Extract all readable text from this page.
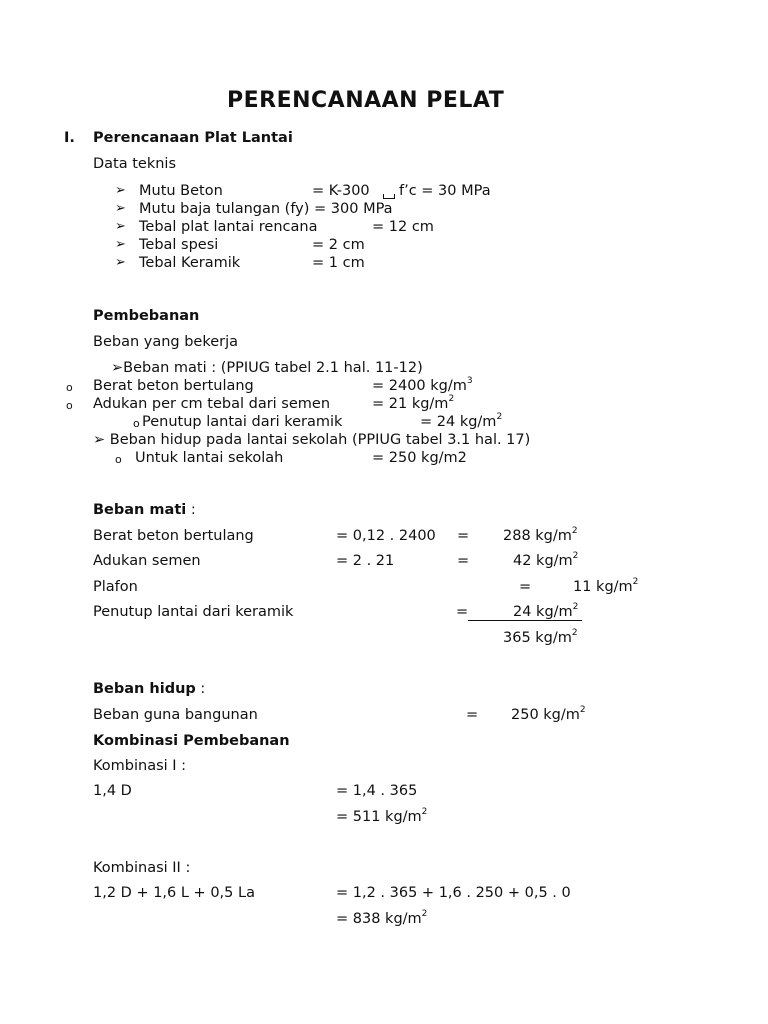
PERENCANAAN PELAT
I. Perencanaan Plat Lantai
Data teknis
➢ Mutu Beton	= K-300 f’c = 30 MPa
➢ Mutu baja tulangan (fy) = 300 MPa
➢ Tebal plat lantai rencana	= 12 cm
➢ Tebal spesi	= 2 cm
➢ Tebal Keramik	= 1 cm
Pembebanan
Beban yang bekerja
➢Beban mati : (PPIUG tabel 2.1 hal. 11-12)
o Berat beton bertulang	= 2400 $kg/m^3$
o Adukan per cm tebal dari semen	= 21 $kg/m^2$
o Penutup lantai dari keramik	= 24 $kg/m^2$
➢ Beban hidup pada lantai sekolah (PPIUG tabel 3.1 hal. 17)
o Untuk lantai sekolah	= 250 kg/m2
Beban mati :
Berat beton bertulang	= 0,12 . 2400 = 288 $kg/m^2$
Adukan semen	= 2 . 21	=	42 $kg/m^2$
Plafon	=	11 $kg/m^2$
Penutup lantai dari keramik	=	24 $kg/m^2$
365 $kg/m^2$
Beban hidup :
Beban guna bangunan	= 250 $kg/m^2$
Kombinasi Pembebanan
Kombinasi I :
1,4 D	= 1,4 . 365
= 511 $kg/m^2$
Kombinasi II :
1,2 D + 1,6 L + 0,5 La	= 1,2 . 365 + 1,6 . 250 + 0,5 . 0
= 838 $kg/m^2$
